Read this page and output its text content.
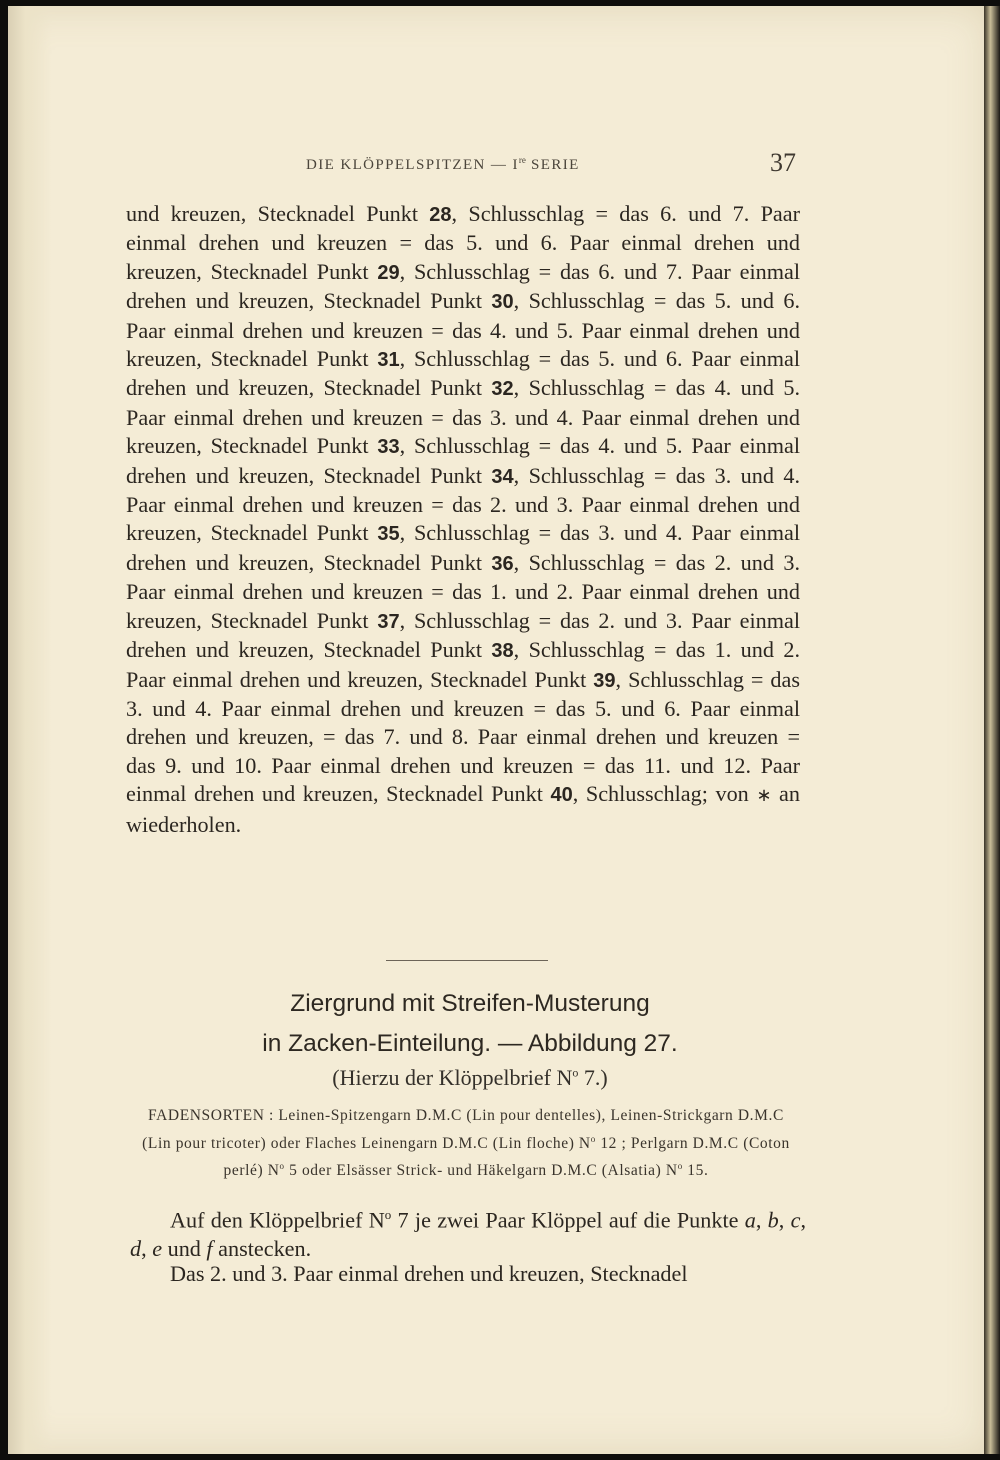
DIE KLÖPPELSPITZEN — Ire SERIE	37
und kreuzen, Stecknadel Punkt 28, Schlusschlag = das 6. und 7. Paar einmal drehen und kreuzen = das 5. und 6. Paar einmal drehen und kreuzen, Stecknadel Punkt 29, Schlusschlag = das 6. und 7. Paar einmal drehen und kreuzen, Stecknadel Punkt 30, Schlusschlag = das 5. und 6. Paar einmal drehen und kreuzen = das 4. und 5. Paar einmal drehen und kreuzen, Stecknadel Punkt 31, Schlusschlag = das 5. und 6. Paar einmal drehen und kreuzen, Stecknadel Punkt 32, Schlusschlag = das 4. und 5. Paar einmal drehen und kreuzen = das 3. und 4. Paar einmal drehen und kreuzen, Stecknadel Punkt 33, Schlusschlag = das 4. und 5. Paar einmal drehen und kreuzen, Stecknadel Punkt 34, Schlusschlag = das 3. und 4. Paar einmal drehen und kreuzen = das 2. und 3. Paar einmal drehen und kreuzen, Stecknadel Punkt 35, Schlusschlag = das 3. und 4. Paar einmal drehen und kreuzen, Stecknadel Punkt 36, Schlusschlag = das 2. und 3. Paar einmal drehen und kreuzen = das 1. und 2. Paar einmal drehen und kreuzen, Stecknadel Punkt 37, Schlusschlag = das 2. und 3. Paar einmal drehen und kreuzen, Stecknadel Punkt 38, Schlusschlag = das 1. und 2. Paar einmal drehen und kreuzen, Stecknadel Punkt 39, Schlusschlag = das 3. und 4. Paar einmal drehen und kreuzen = das 5. und 6. Paar einmal drehen und kreuzen, = das 7. und 8. Paar einmal drehen und kreuzen = das 9. und 10. Paar einmal drehen und kreuzen = das 11. und 12. Paar einmal drehen und kreuzen, Stecknadel Punkt 40, Schlusschlag; von ∗ an wiederholen.
Ziergrund mit Streifen-Musterung
in Zacken-Einteilung. — Abbildung 27.
(Hierzu der Klöppelbrief $N^o$ 7.)
FADENSORTEN : Leinen-Spitzengarn D.M.C (Lin pour dentelles), Leinen-Strickgarn D.M.C (Lin pour tricoter) oder Flaches Leinengarn D.M.C (Lin floche) $N^o$ 12 ; Perlgarn D.M.C (Coton perlé) $N^o$ 5 oder Elsässer Strick- und Häkelgarn D.M.C (Alsatia) $N^o$ 15.
Auf den Klöppelbrief $N^o$ 7 je zwei Paar Klöppel auf die Punkte a, b, c, d, e und f anstecken.
Das 2. und 3. Paar einmal drehen und kreuzen, Stecknadel
